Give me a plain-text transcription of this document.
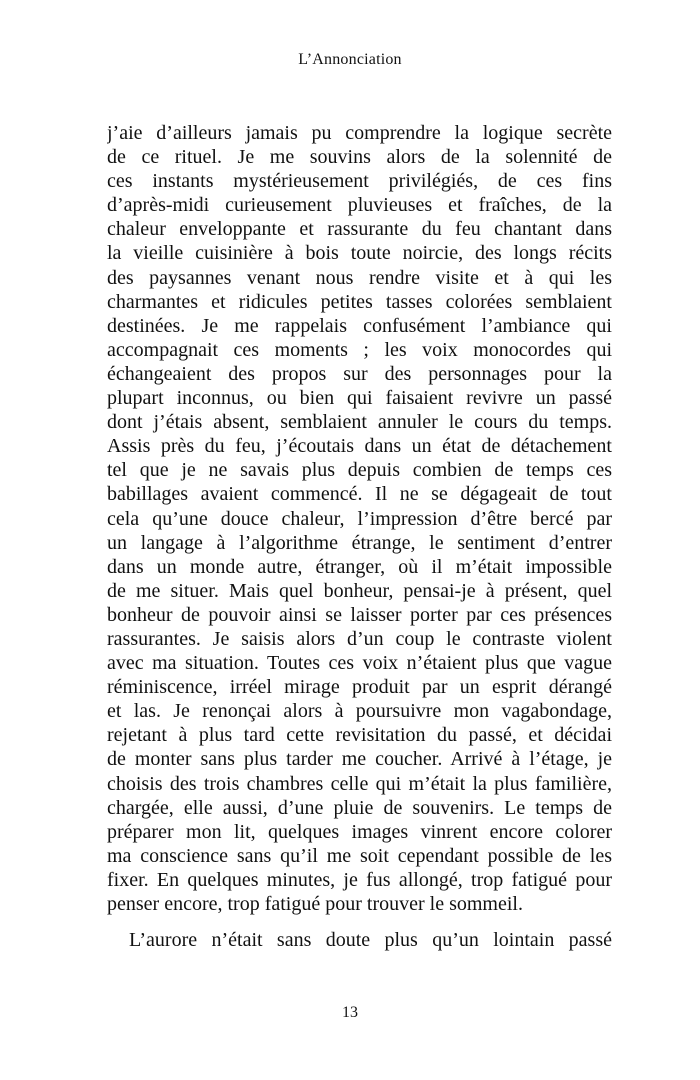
L’Annonciation

j’aie d’ailleurs jamais pu comprendre la logique secrète
de ce rituel. Je me souvins alors de la solennité de
ces instants mystérieusement privilégiés, de ces fins
d’après-midi curieusement pluvieuses et fraîches, de la
chaleur enveloppante et rassurante du feu chantant dans
la vieille cuisinière à bois toute noircie, des longs récits
des paysannes venant nous rendre visite et à qui les
charmantes et ridicules petites tasses colorées semblaient
destinées. Je me rappelais confusément l’ambiance qui
accompagnait ces moments ; les voix monocordes qui
échangeaient des propos sur des personnages pour la
plupart inconnus, ou bien qui faisaient revivre un passé
dont j’étais absent, semblaient annuler le cours du temps.
Assis près du feu, j’écoutais dans un état de détachement
tel que je ne savais plus depuis combien de temps ces
babillages avaient commencé. Il ne se dégageait de tout
cela qu’une douce chaleur, l’impression d’être bercé par
un langage à l’algorithme étrange, le sentiment d’entrer
dans un monde autre, étranger, où il m’était impossible
de me situer. Mais quel bonheur, pensai-je à présent, quel
bonheur de pouvoir ainsi se laisser porter par ces présences
rassurantes. Je saisis alors d’un coup le contraste violent
avec ma situation. Toutes ces voix n’étaient plus que vague
réminiscence, irréel mirage produit par un esprit dérangé
et las. Je renonçai alors à poursuivre mon vagabondage,
rejetant à plus tard cette revisitation du passé, et décidai
de monter sans plus tarder me coucher. Arrivé à l’étage, je
choisis des trois chambres celle qui m’était la plus familière,
chargée, elle aussi, d’une pluie de souvenirs. Le temps de
préparer mon lit, quelques images vinrent encore colorer
ma conscience sans qu’il me soit cependant possible de les
fixer. En quelques minutes, je fus allongé, trop fatigué pour
penser encore, trop fatigué pour trouver le sommeil.

L’aurore n’était sans doute plus qu’un lointain passé

13
